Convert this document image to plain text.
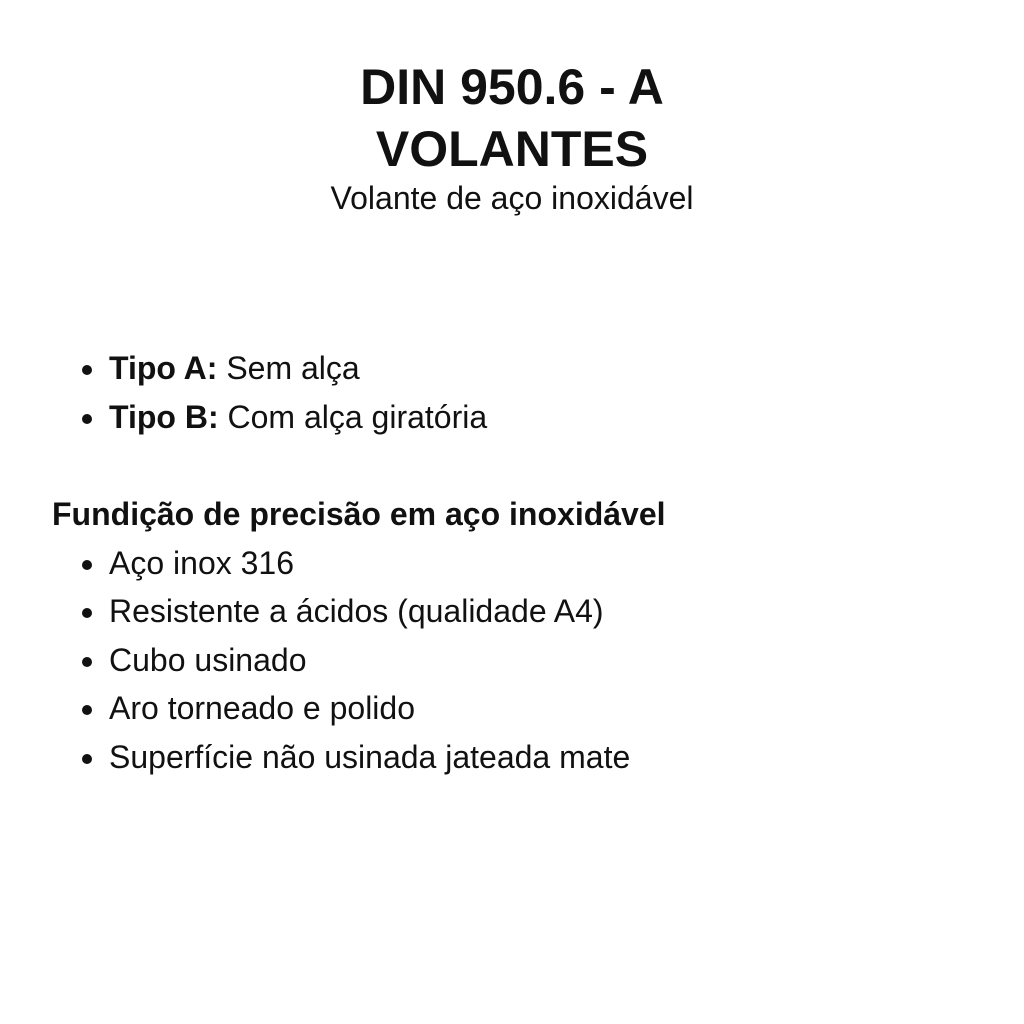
DIN 950.6 - A
VOLANTES
Volante de aço inoxidável
Tipo A: Sem alça
Tipo B: Com alça giratória
Fundição de precisão em aço inoxidável
Aço inox 316
Resistente a ácidos (qualidade A4)
Cubo usinado
Aro torneado e polido
Superfície não usinada jateada mate
